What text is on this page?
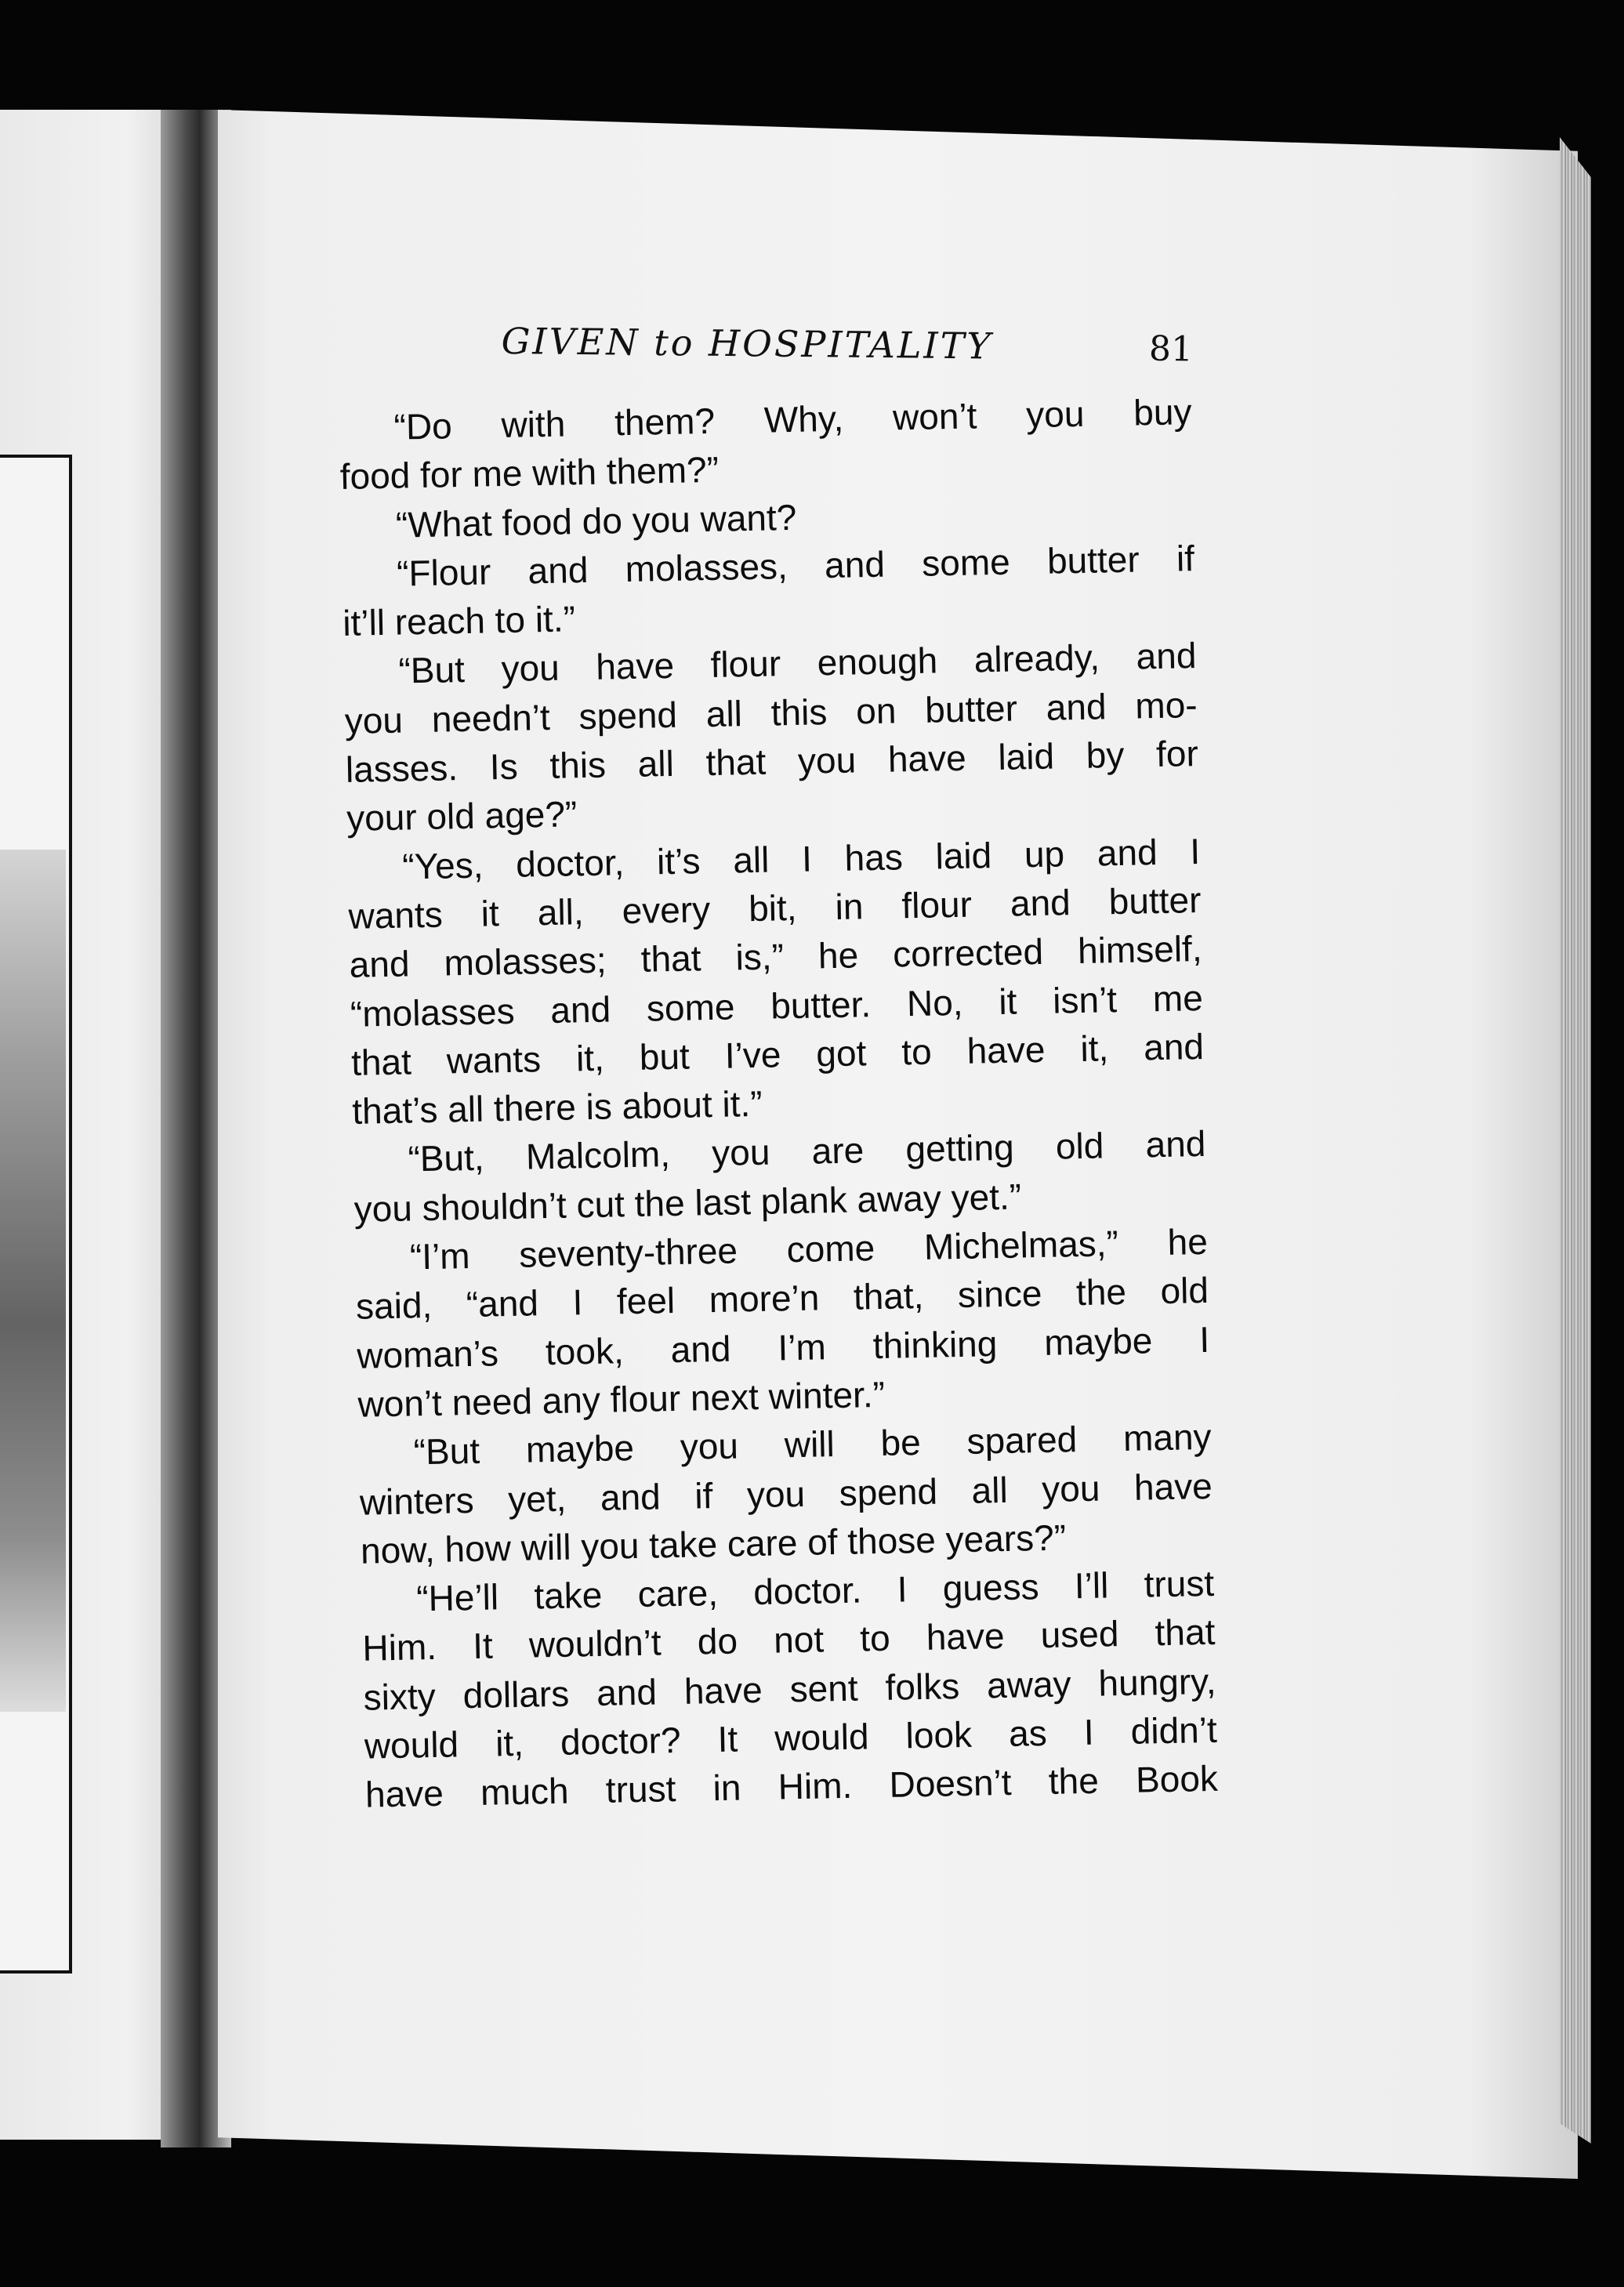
GIVEN to HOSPITALITY	81
“Do with them? Why, won’t you buy
food for me with them?”
“What food do you want?
“Flour and molasses, and some butter if
it’ll reach to it.”
“But you have flour enough already, and
you needn’t spend all this on butter and mo-
lasses. Is this all that you have laid by for
your old age?”
“Yes, doctor, it’s all I has laid up and I
wants it all, every bit, in flour and butter
and molasses; that is,” he corrected himself,
“molasses and some butter. No, it isn’t me
that wants it, but I’ve got to have it, and
that’s all there is about it.”
“But, Malcolm, you are getting old and
you shouldn’t cut the last plank away yet.”
“I’m seventy-three come Michelmas,” he
said, “and I feel more’n that, since the old
woman’s took, and I’m thinking maybe I
won’t need any flour next winter.”
“But maybe you will be spared many
winters yet, and if you spend all you have
now, how will you take care of those years?”
“He’ll take care, doctor. I guess I’ll trust
Him. It wouldn’t do not to have used that
sixty dollars and have sent folks away hungry,
would it, doctor? It would look as I didn’t
have much trust in Him. Doesn’t the Book
